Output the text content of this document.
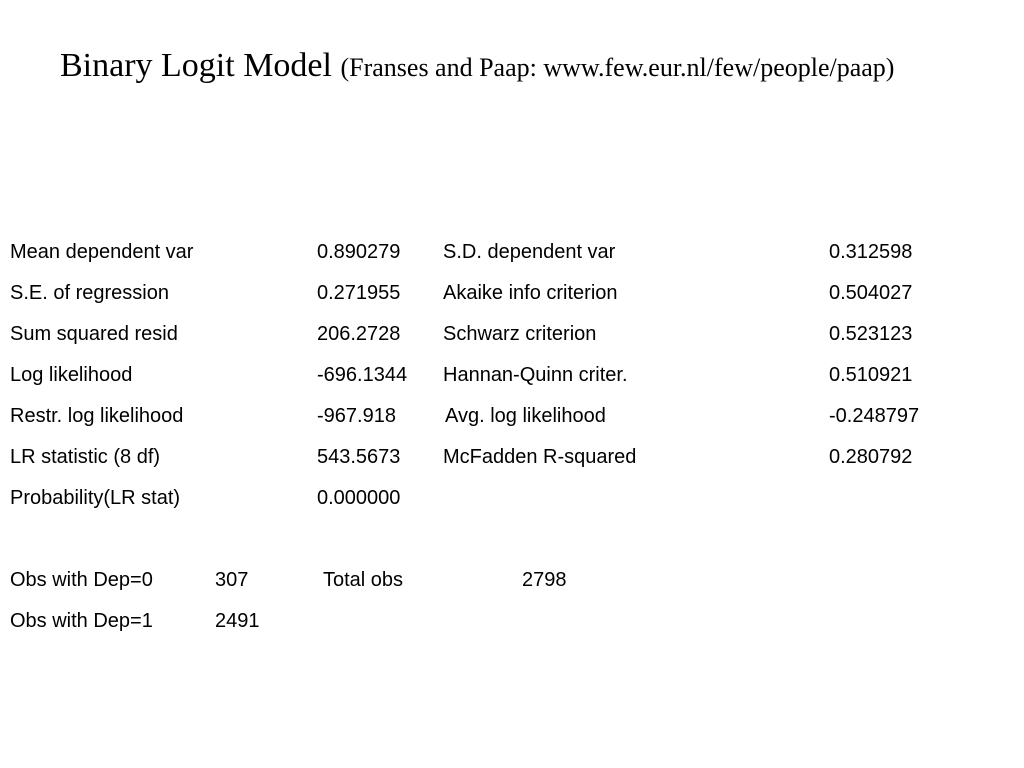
Binary Logit Model (Franses and Paap: www.few.eur.nl/few/people/paap)
Mean dependent var	0.890279 S.D. dependent var	0.312598
S.E. of regression	0.271955 Akaike info criterion	0.504027
Sum squared resid	206.2728 Schwarz criterion	0.523123
Log likelihood	-696.1344 Hannan-Quinn criter.	0.510921
Restr. log likelihood	-967.918 Avg. log likelihood	-0.248797
LR statistic (8 df)	543.5673 McFadden R-squared	0.280792
Probability(LR stat)	0.000000
Obs with Dep=0	307	Total obs	2798
Obs with Dep=1	2491
